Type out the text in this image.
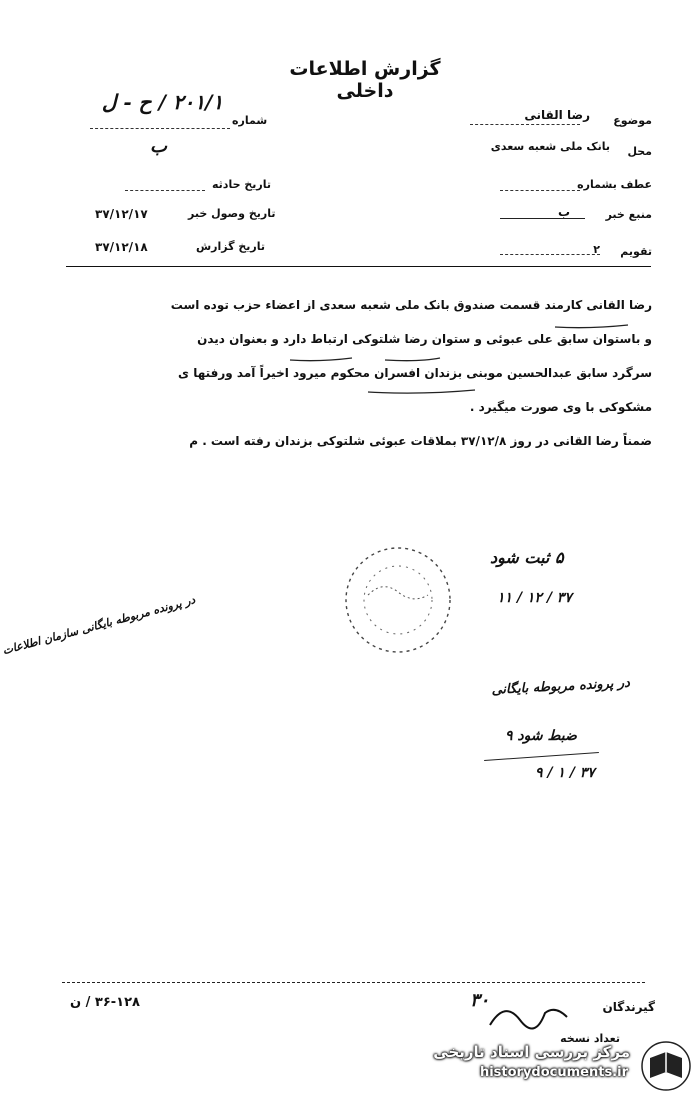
گزارش اطلاعات داخلی
شماره
۲۰۱/۱ / ح - ل
ب
موضوع
رضا القانی
محل
بانک ملی شعبه سعدی
عطف بشماره
منبع خبر
ب
تقویم
۲
تاریخ حادثه
تاریخ وصول خبر
۳۷/۱۲/۱۷
تاریخ گزارش
۳۷/۱۲/۱۸
رضا القانی کارمند قسمت صندوق بانک ملی شعبه سعدی از اعضاء حزب توده است
و باستوان سابق علی عبوئی و ستوان رضا شلتوکی ارتباط دارد و بعنوان دیدن
سرگرد سابق عبدالحسین موبنی بزندان افسران محکوم میرود اخیراً آمد ورفتها ی
مشکوکی با وی صورت میگیرد .
ضمناً رضا القانی در روز ۳۷/۱۲/۸ بملاقات عبوئی شلتوکی بزندان رفته است . م
۵ ثبت شود
۱۱ / ۱۲ / ۳۷
در پرونده مربوطه بایگانی سازمان اطلاعات
در پرونده مربوطه بایگانی
ضبط شود ۹
۹ / ۱ / ۳۷
گیرندگان
۳۰
تعداد نسخه
۳۶-۱۲۸ / ن
مرکز بررسی اسناد تاریخی
historydocuments.ir
